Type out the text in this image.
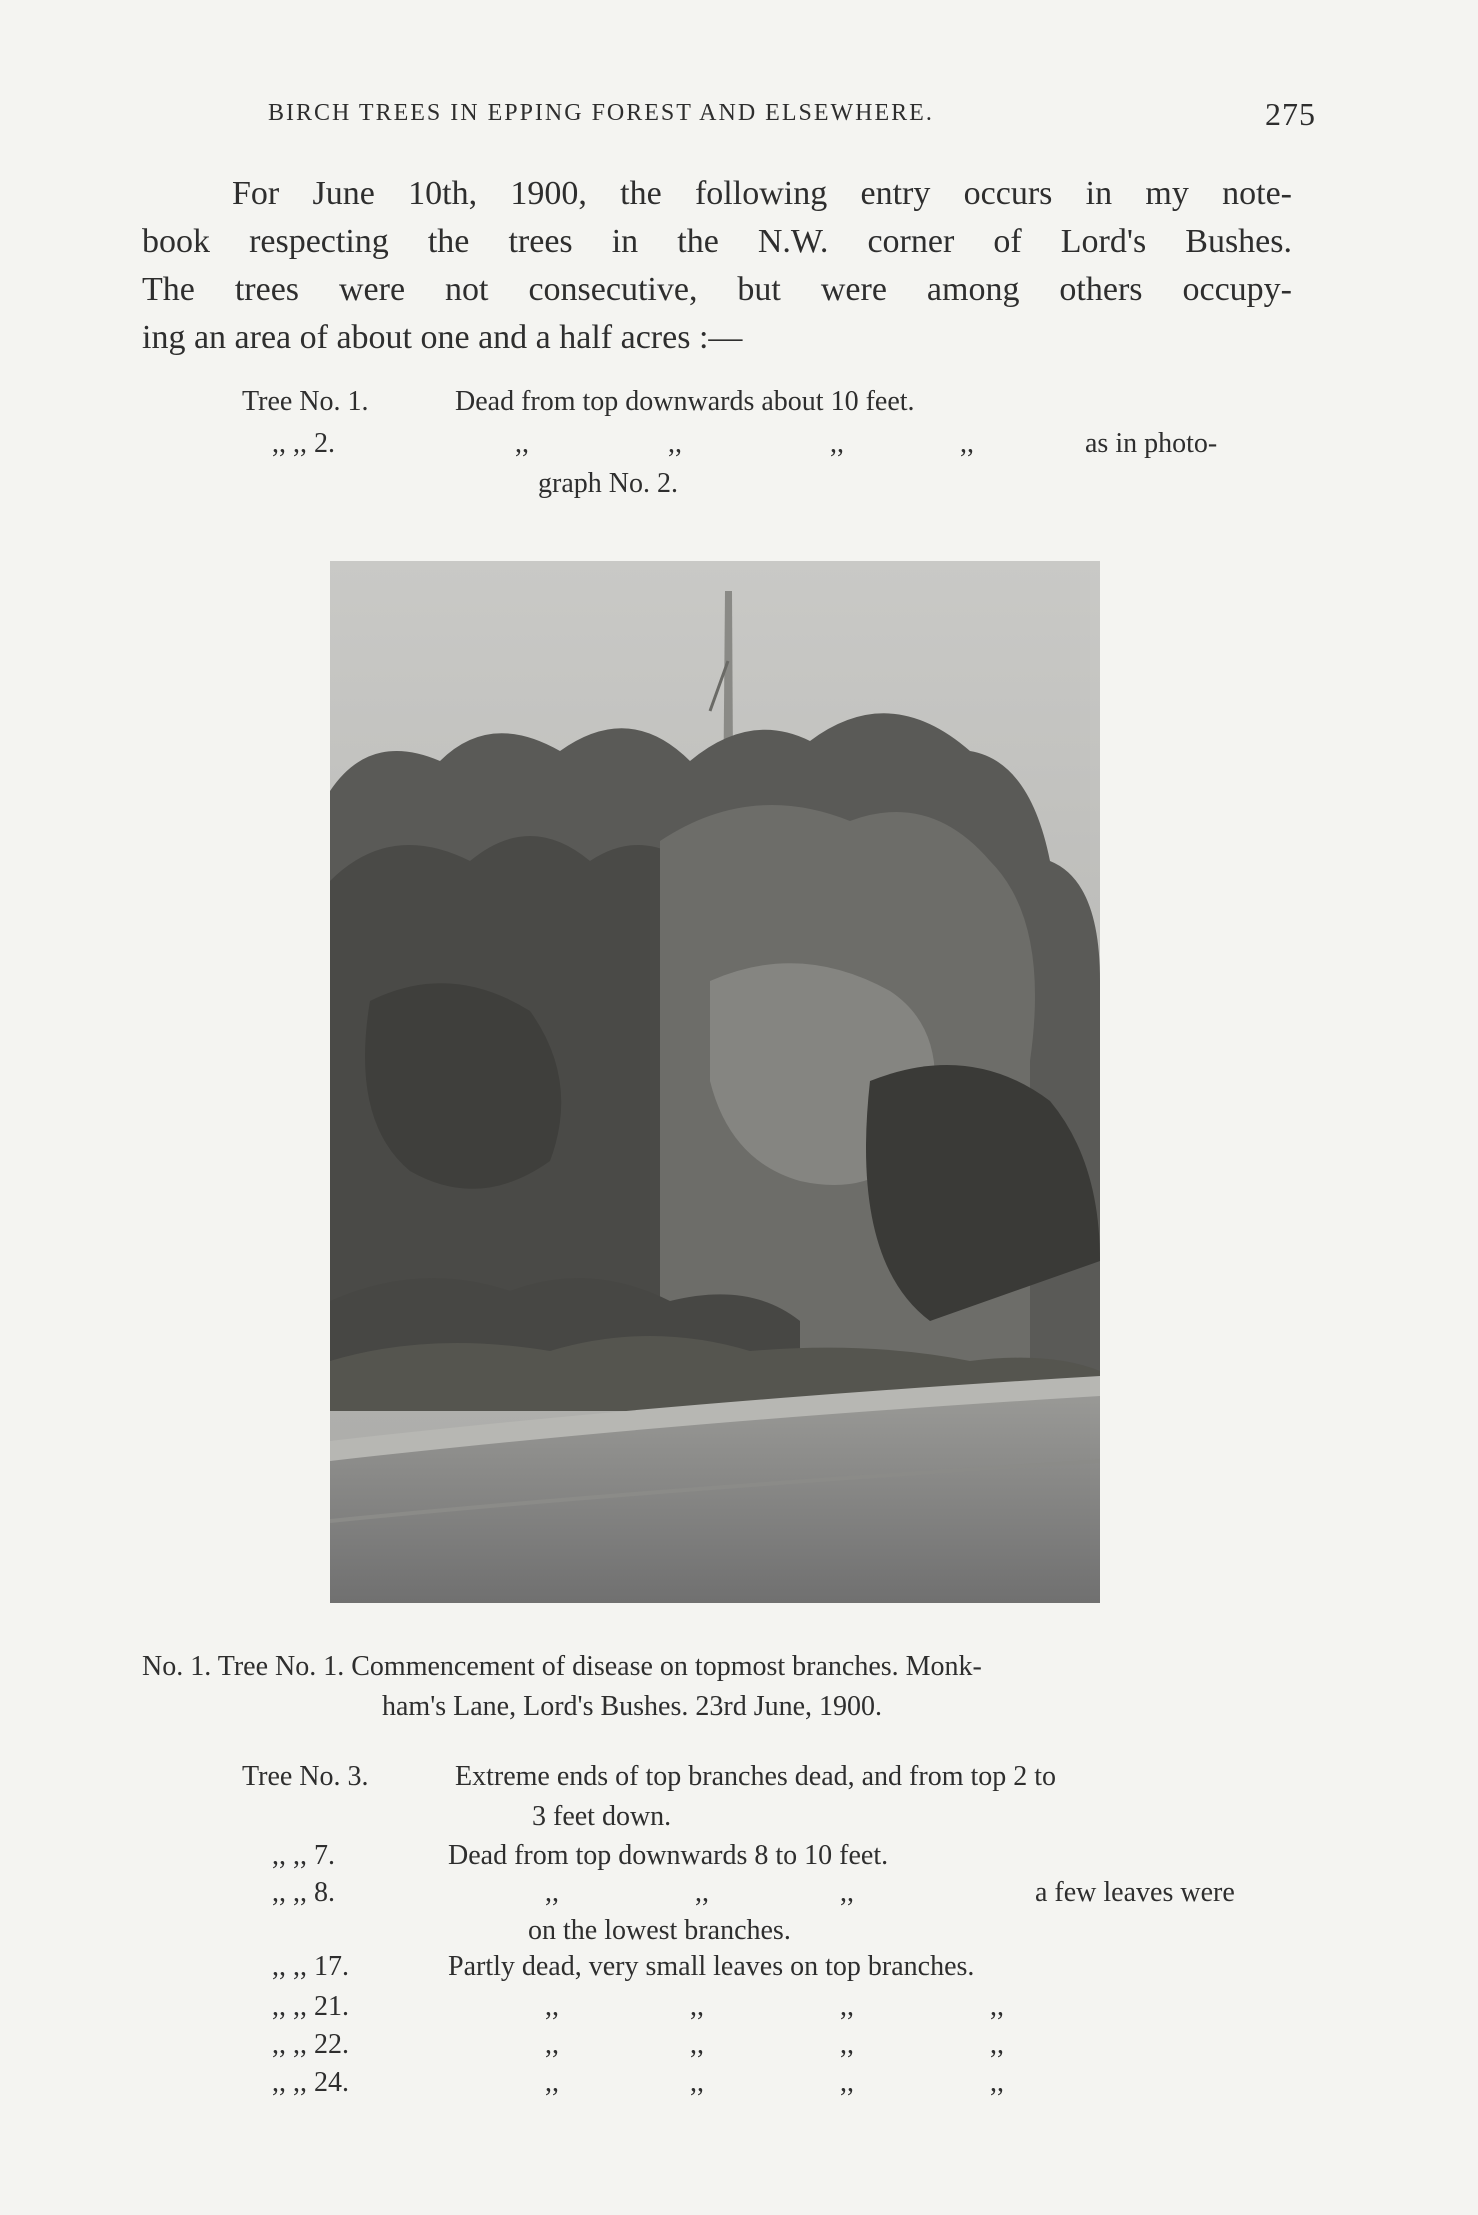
BIRCH TREES IN EPPING FOREST AND ELSEWHERE.	275
For June 10th, 1900, the following entry occurs in my note-
book respecting the trees in the N.W. corner of Lord's Bushes.
The trees were not consecutive, but were among others occupy-
ing an area of about one and a half acres :—
Tree No. 1.	Dead from top downwards about 10 feet.
,, ,, 2.	,,	,,	,,	,,	as in photo-
graph No. 2.
No. 1. Tree No. 1. Commencement of disease on topmost branches. Monk-
ham's Lane, Lord's Bushes. 23rd June, 1900.
Tree No. 3.	Extreme ends of top branches dead, and from top 2 to
3 feet down.
,, ,, 7.	Dead from top downwards 8 to 10 feet.
,, ,, 8.	,,	,,	,,	a few leaves were
on the lowest branches.
,, ,, 17.	Partly dead, very small leaves on top branches.
,, ,, 21.	,,	,,	,,	,,
,, ,, 22.	,,	,,	,,	,,
,, ,, 24.	,,	,,	,,	,,
